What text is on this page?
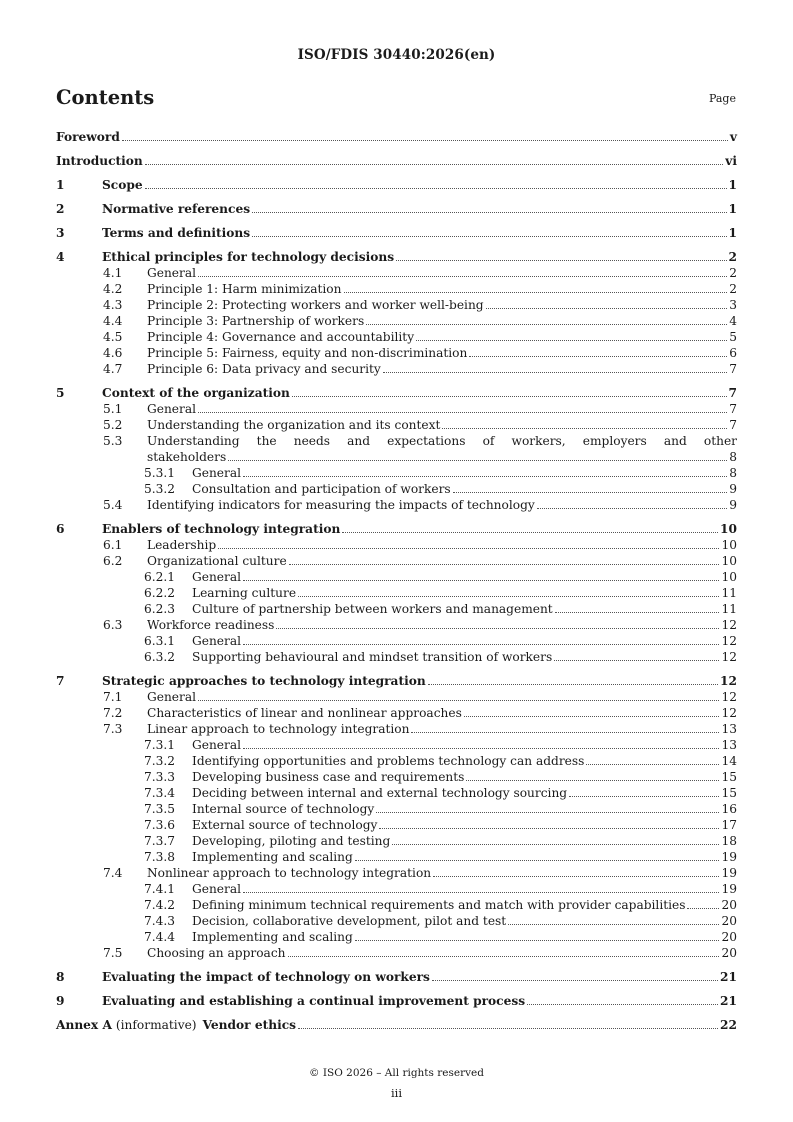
ISO/FDIS 30440:2026(en)
Contents	Page
Foreword	v
Introduction	vi
1	Scope	1
2	Normative references	1
3	Terms and definitions	1
4	Ethical principles for technology decisions	2
4.1 General	2
4.2 Principle 1: Harm minimization	2
4.3 Principle 2: Protecting workers and worker well-being	3
4.4 Principle 3: Partnership of workers	4
4.5 Principle 4: Governance and accountability	5
4.6 Principle 5: Fairness, equity and non-discrimination	6
4.7 Principle 6: Data privacy and security	7
5	Context of the organization	7
5.1 General	7
5.2 Understanding the organization and its context	7
5.3 Understanding the needs and expectations of workers, employers and other
stakeholders	8
5.3.1 General	8
5.3.2 Consultation and participation of workers	9
5.4 Identifying indicators for measuring the impacts of technology	9
6	Enablers of technology integration	10
6.1 Leadership	10
6.2 Organizational culture	10
6.2.1 General	10
6.2.2 Learning culture	11
6.2.3 Culture of partnership between workers and management	11
6.3 Workforce readiness	12
6.3.1 General	12
6.3.2 Supporting behavioural and mindset transition of workers	12
7	Strategic approaches to technology integration	12
7.1 General	12
7.2 Characteristics of linear and nonlinear approaches	12
7.3 Linear approach to technology integration	13
7.3.1 General	13
7.3.2 Identifying opportunities and problems technology can address	14
7.3.3 Developing business case and requirements	15
7.3.4 Deciding between internal and external technology sourcing	15
7.3.5 Internal source of technology	16
7.3.6 External source of technology	17
7.3.7 Developing, piloting and testing	18
7.3.8 Implementing and scaling	19
7.4 Nonlinear approach to technology integration	19
7.4.1 General	19
7.4.2 Defining minimum technical requirements and match with provider capabilities	20
7.4.3 Decision, collaborative development, pilot and test	20
7.4.4 Implementing and scaling	20
7.5 Choosing an approach	20
8	Evaluating the impact of technology on workers	21
9	Evaluating and establishing a continual improvement process	21
Annex A (informative) Vendor ethics	22
© ISO 2026 – All rights reserved
iii
